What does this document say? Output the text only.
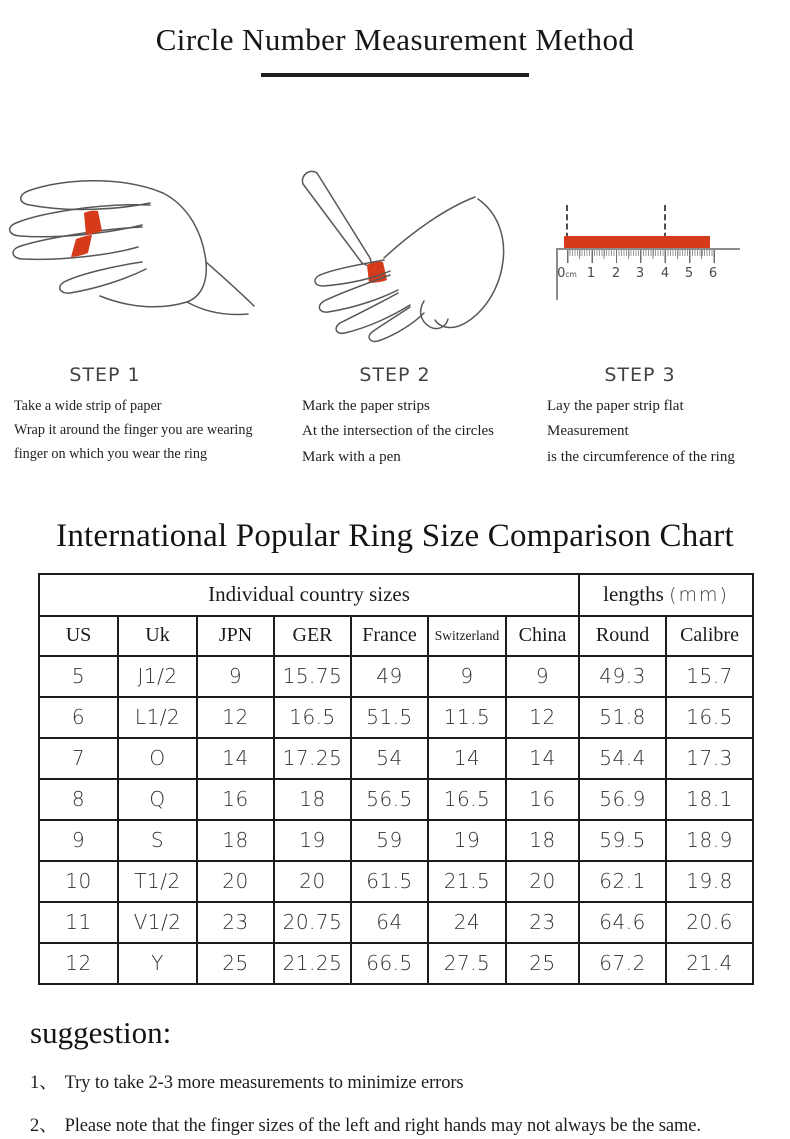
Circle Number Measurement Method
STEP 1

Take a wide strip of paper

Wrap it around the finger you are wearing

finger on which you wear the ring

STEP 2

Mark the paper strips

At the intersection of the circles

Mark with a pen

0cm 1	2	3	4	5	6
STEP 3

Lay the paper strip flat

Measurement

is the circumference of the ring

International Popular Ring Size Comparison Chart
Individual country sizes							lengths (mm)	
US	Uk	JPN	GER	France	Switzerland	China	Round	Calibre
5	J1/2	9	15.75	49	9	9	49.3	15.7
6	L1/2	12	16.5	51.5	11.5	12	51.8	16.5
7	O	14	17.25	54	14	14	54.4	17.3
8	Q	16	18	56.5	16.5	16	56.9	18.1
9	S	18	19	59	19	18	59.5	18.9
10	T1/2	20	20	61.5	21.5	20	62.1	19.8
11	V1/2	23	20.75	64	24	23	64.6	20.6
12	Y	25	21.25	66.5	27.5	25	67.2	21.4
suggestion:

1、 Try to take 2-3 more measurements to minimize errors

2、 Please note that the finger sizes of the left and right hands may not always be the same.
